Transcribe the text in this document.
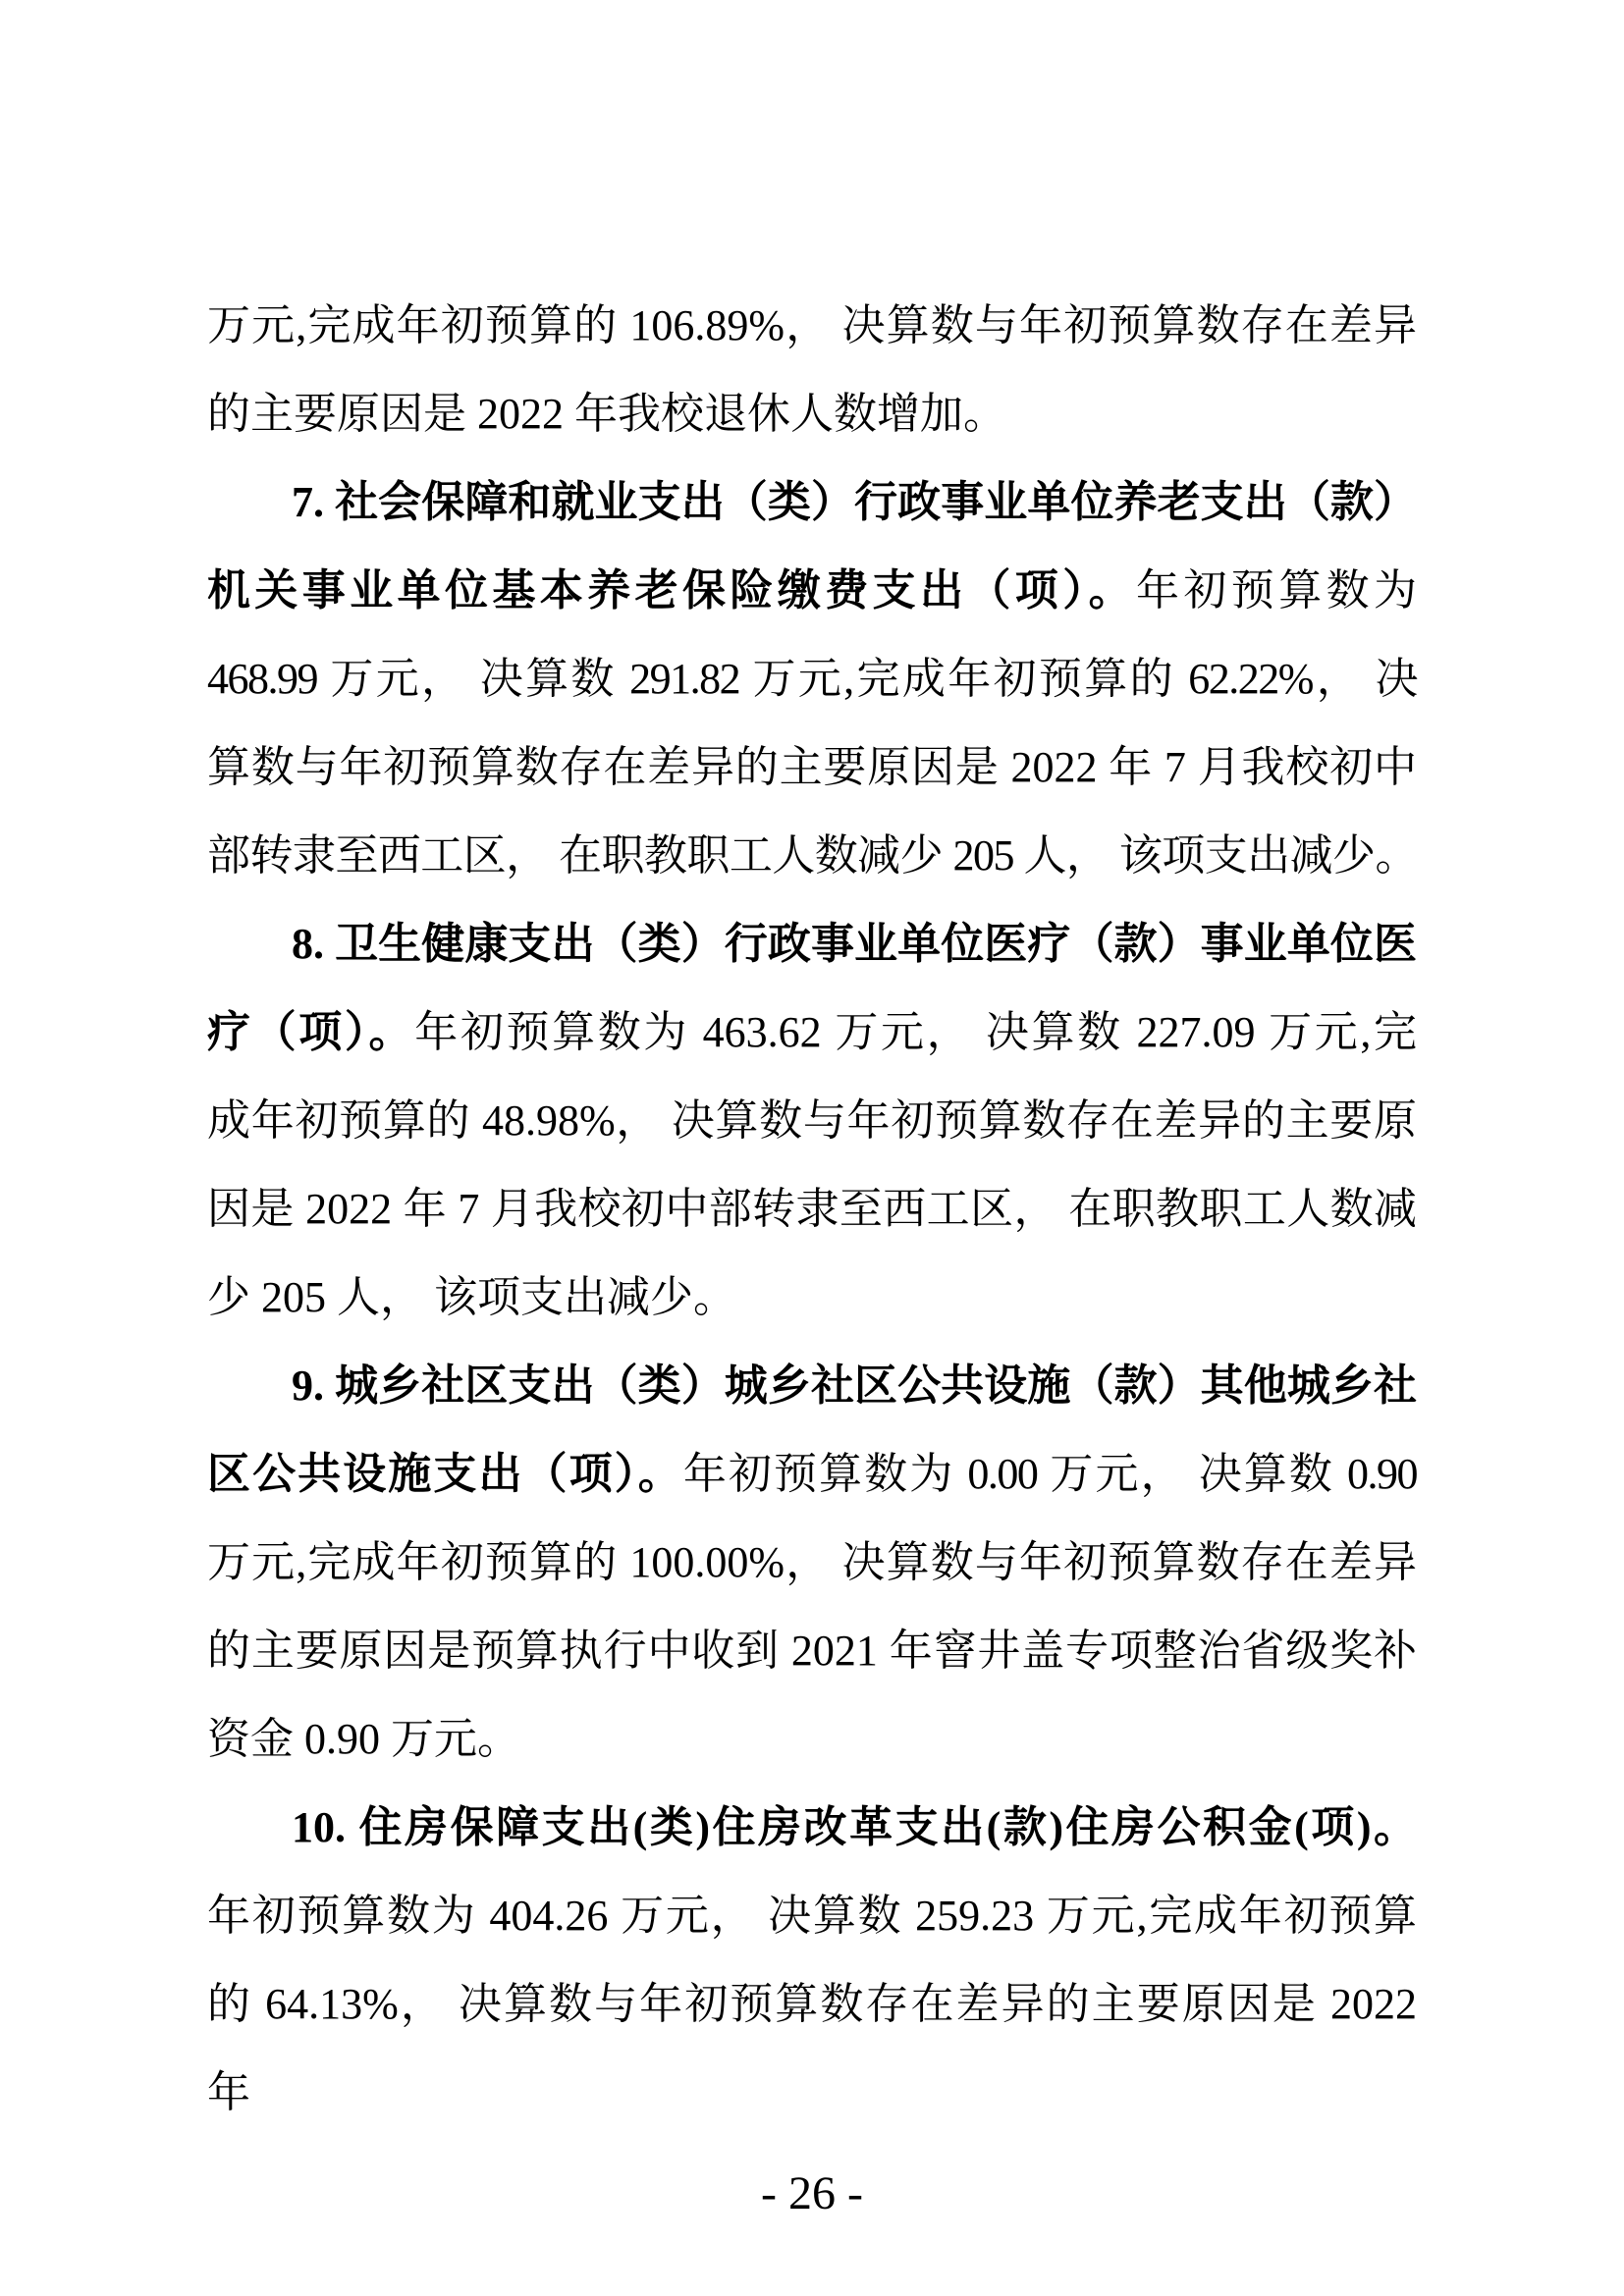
万元,完成年初预算的 106.89%， 决算数与年初预算数存在差异
的主要原因是 2022 年我校退休人数增加。
7. 社会保障和就业支出（类）行政事业单位养老支出（款）
机关事业单位基本养老保险缴费支出（项）。年初预算数为
468.99 万元， 决算数 291.82 万元,完成年初预算的 62.22%， 决
算数与年初预算数存在差异的主要原因是 2022 年 7 月我校初中
部转隶至西工区， 在职教职工人数减少 205 人， 该项支出减少。
8. 卫生健康支出（类）行政事业单位医疗（款）事业单位医
疗（项）。年初预算数为 463.62 万元， 决算数 227.09 万元,完
成年初预算的 48.98%， 决算数与年初预算数存在差异的主要原
因是 2022 年 7 月我校初中部转隶至西工区， 在职教职工人数减
少 205 人， 该项支出减少。
9. 城乡社区支出（类）城乡社区公共设施（款）其他城乡社
区公共设施支出（项）。年初预算数为 0.00 万元， 决算数 0.90
万元,完成年初预算的 100.00%， 决算数与年初预算数存在差异
的主要原因是预算执行中收到 2021 年窨井盖专项整治省级奖补
资金 0.90 万元。
10. 住房保障支出(类)住房改革支出(款)住房公积金(项)。
年初预算数为 404.26 万元， 决算数 259.23 万元,完成年初预算
的 64.13%， 决算数与年初预算数存在差异的主要原因是 2022 年
- 26 -
